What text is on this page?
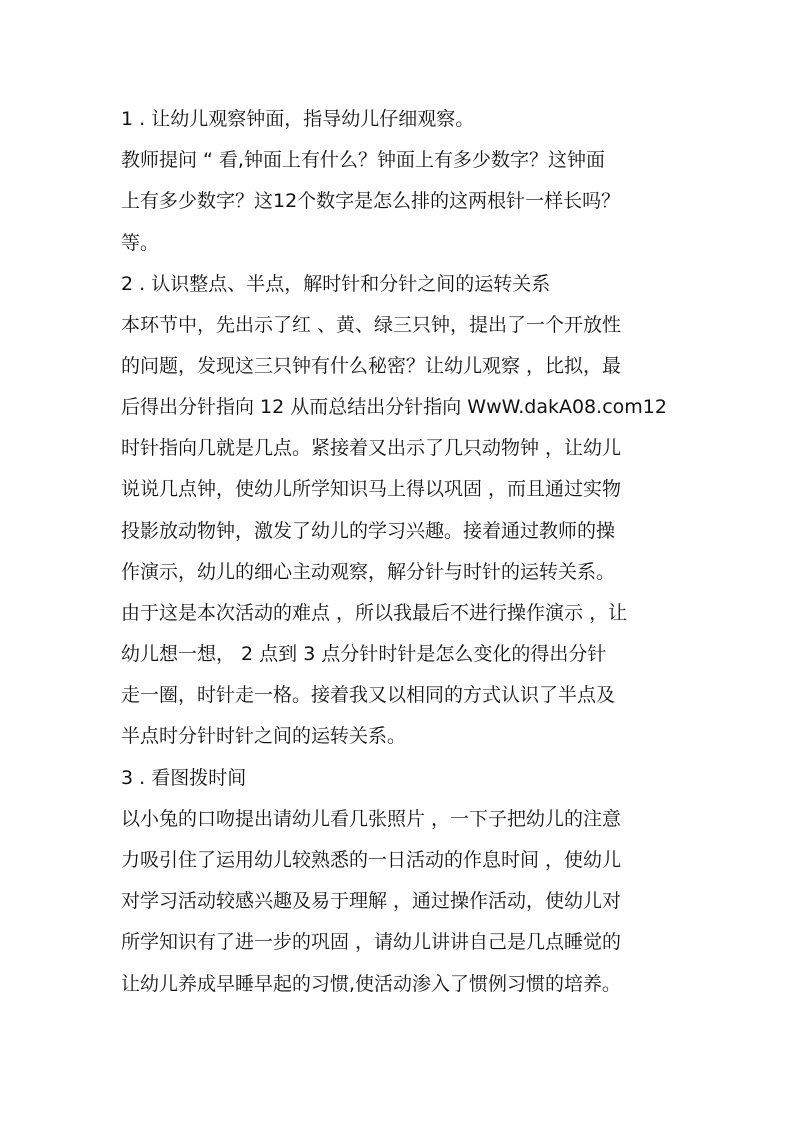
1 . 让幼儿观察钟面，指导幼儿仔细观察。
教师提问 “ 看,钟面上有什么？钟面上有多少数字？这钟面
上有多少数字？这12个数字是怎么排的这两根针一样长吗？
等。
2 . 认识整点、半点，解时针和分针之间的运转关系
本环节中，先出示了红 、黄、绿三只钟，提出了一个开放性
的问题，发现这三只钟有什么秘密？让幼儿观察 ，比拟，最
后得出分针指向 12 从而总结出分针指向 WwW.dakA08.com12
时针指向几就是几点。紧接着又出示了几只动物钟 ，让幼儿
说说几点钟，使幼儿所学知识马上得以巩固 ，而且通过实物
投影放动物钟，激发了幼儿的学习兴趣。接着通过教师的操
作演示，幼儿的细心主动观察，解分针与时针的运转关系。
由于这是本次活动的难点 ，所以我最后不进行操作演示 ，让
幼儿想一想， 2 点到 3 点分针时针是怎么变化的得出分针
走一圈，时针走一格。接着我又以相同的方式认识了半点及
半点时分针时针之间的运转关系。
3 . 看图拨时间
以小兔的口吻提出请幼儿看几张照片 ，一下子把幼儿的注意
力吸引住了运用幼儿较熟悉的一日活动的作息时间 ，使幼儿
对学习活动较感兴趣及易于理解 ，通过操作活动，使幼儿对
所学知识有了进一步的巩固 ，请幼儿讲讲自己是几点睡觉的
让幼儿养成早睡早起的习惯,使活动渗入了惯例习惯的培养。
